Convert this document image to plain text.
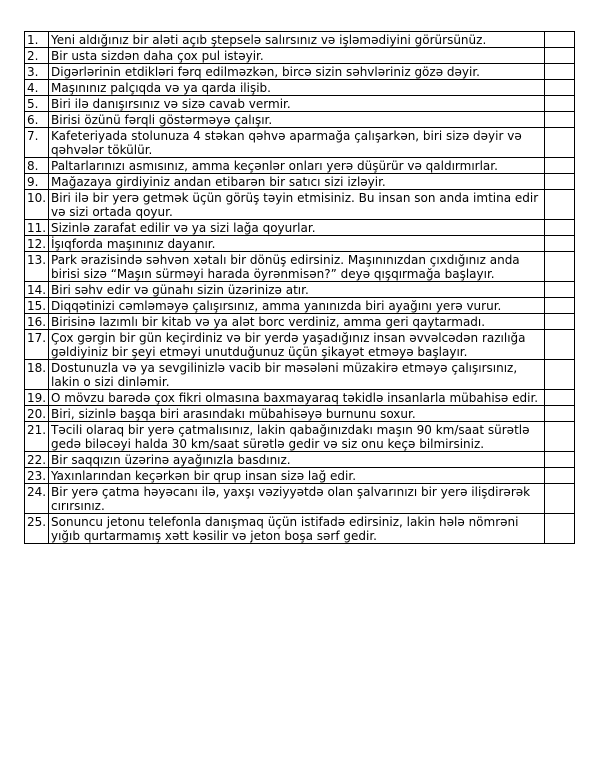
1.	Yeni aldığınız bir aləti açıb ştepselə salırsınız və işləmədiyini görürsünüz.		
2.	Bir usta sizdən daha çox pul istəyir.		
3.	Digərlərinin etdikləri fərq edilməzkən, bircə sizin səhvləriniz gözə dəyir.		
4.	Maşınınız palçıqda və ya qarda ilişib.		
5.	Biri ilə danışırsınız və sizə cavab vermir.		
6.	Birisi özünü fərqli göstərməyə çalışır.		
7.	Kafeteriyada stolunuza 4 stəkan qəhvə aparmağa çalışarkən, biri sizə dəyir və qəhvələr tökülür.		
8.	Paltarlarınızı asmısınız, amma keçənlər onları yerə düşürür və qaldırmırlar.		
9.	Mağazaya girdiyiniz andan etibarən bir satıcı sizi izləyir.		
10.	Biri ilə bir yerə getmək üçün görüş təyin etmisiniz. Bu insan son anda imtina edir və sizi ortada qoyur.		
11.	Sizinlə zarafat edilir və ya sizi lağa qoyurlar.		
12.	İşıqforda maşınınız dayanır.		
13.	Park ərazisində səhvən xətalı bir dönüş edirsiniz. Maşınınızdan çıxdığınız anda birisi sizə “Maşın sürməyi harada öyrənmisən?” deyə qışqırmağa başlayır.		
14.	Biri səhv edir və günahı sizin üzərinizə atır.		
15.	Diqqətinizi cəmləməyə çalışırsınız, amma yanınızda biri ayağını yerə vurur.		
16.	Birisinə lazımlı bir kitab və ya alət borc verdiniz, amma geri qaytarmadı.		
17.	Çox gərgin bir gün keçirdiniz və bir yerdə yaşadığınız insan əvvəlcədən razılığa gəldiyiniz bir şeyi etməyi unutduğunuz üçün şikayət etməyə başlayır.		
18.	Dostunuzla və ya sevgilinizlə vacib bir məsələni müzakirə etməyə çalışırsınız, lakin o sizi dinləmir.		
19.	O mövzu barədə çox fikri olmasına baxmayaraq təkidlə insanlarla mübahisə edir.		
20.	Biri, sizinlə başqa biri arasındakı mübahisəyə burnunu soxur.		
21.	Təcili olaraq bir yerə çatmalısınız, lakin qabağınızdakı maşın 90 km/saat sürətlə gedə biləcəyi halda 30 km/saat sürətlə gedir və siz onu keçə bilmirsiniz.		
22.	Bir saqqızın üzərinə ayağınızla basdınız.		
23.	Yaxınlarından keçərkən bir qrup insan sizə lağ edir.		
24.	Bir yerə çatma həyəcanı ilə, yaxşı vəziyyətdə olan şalvarınızı bir yerə ilişdirərək cırırsınız.		
25.	Sonuncu jetonu telefonla danışmaq üçün istifadə edirsiniz, lakin hələ nömrəni yığıb qurtarmamış xətt kəsilir və jeton boşa sərf gedir.		
